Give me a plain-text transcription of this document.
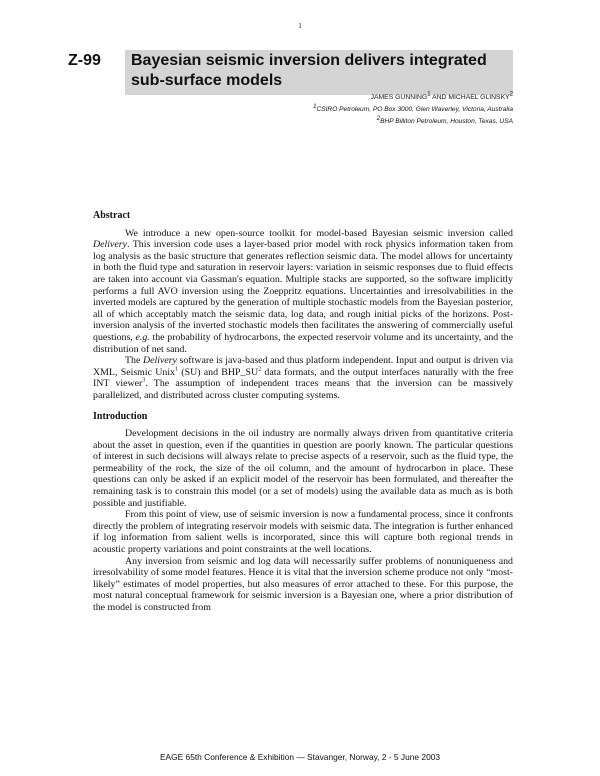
1
Z-99 Bayesian seismic inversion delivers integrated
sub-surface models
JAMES GUNNING$^1$ AND MICHAEL GLINSKY$^2$
$^1$CSIRO Petroleum, PO Box 3000, Glen Waverley, Victoria, Australia
$^2$BHP Billiton Petroleum, Houston, Texas, USA
Abstract

We introduce a new open-source toolkit for model-based Bayesian seismic inversion called Delivery. This inversion code uses a layer-based prior model with rock physics information taken from log analysis as the basic structure that generates reflection seismic data. The model allows for uncertainty in both the fluid type and saturation in reservoir layers: variation in seismic responses due to fluid effects are taken into account via Gassman's equation. Multiple stacks are supported, so the software implicitly performs a full AVO inversion using the Zoeppritz equations. Uncertainties and irresolvabilities in the inverted models are captured by the generation of multiple stochastic models from the Bayesian posterior, all of which acceptably match the seismic data, log data, and rough initial picks of the horizons. Post-inversion analysis of the inverted stochastic models then facilitates the answering of commercially useful questions, e.g. the probability of hydrocarbons, the expected reservoir volume and its uncertainty, and the distribution of net sand.

The Delivery software is java-based and thus platform independent. Input and output is driven via XML, Seismic Unix$^1$ (SU) and $BHP\_SU^2$ data formats, and the output interfaces naturally with the free INT viewer$^3$. The assumption of independent traces means that the inversion can be massively parallelized, and distributed across cluster computing systems.

Introduction

Development decisions in the oil industry are normally always driven from quantitative criteria about the asset in question, even if the quantities in question are poorly known. The particular questions of interest in such decisions will always relate to precise aspects of a reservoir, such as the fluid type, the permeability of the rock, the size of the oil column, and the amount of hydrocarbon in place. These questions can only be asked if an explicit model of the reservoir has been formulated, and thereafter the remaining task is to constrain this model (or a set of models) using the available data as much as is both possible and justifiable.

From this point of view, use of seismic inversion is now a fundamental process, since it confronts directly the problem of integrating reservoir models with seismic data. The integration is further enhanced if log information from salient wells is incorporated, since this will capture both regional trends in acoustic property variations and point constraints at the well locations.

Any inversion from seismic and log data will necessarily suffer problems of nonuniqueness and irresolvability of some model features. Hence it is vital that the inversion scheme produce not only “most-likely” estimates of model properties, but also measures of error attached to these. For this purpose, the most natural conceptual framework for seismic inversion is a Bayesian one, where a prior distribution of the model is constructed from

EAGE 65th Conference & Exhibition — Stavanger, Norway, 2 - 5 June 2003
